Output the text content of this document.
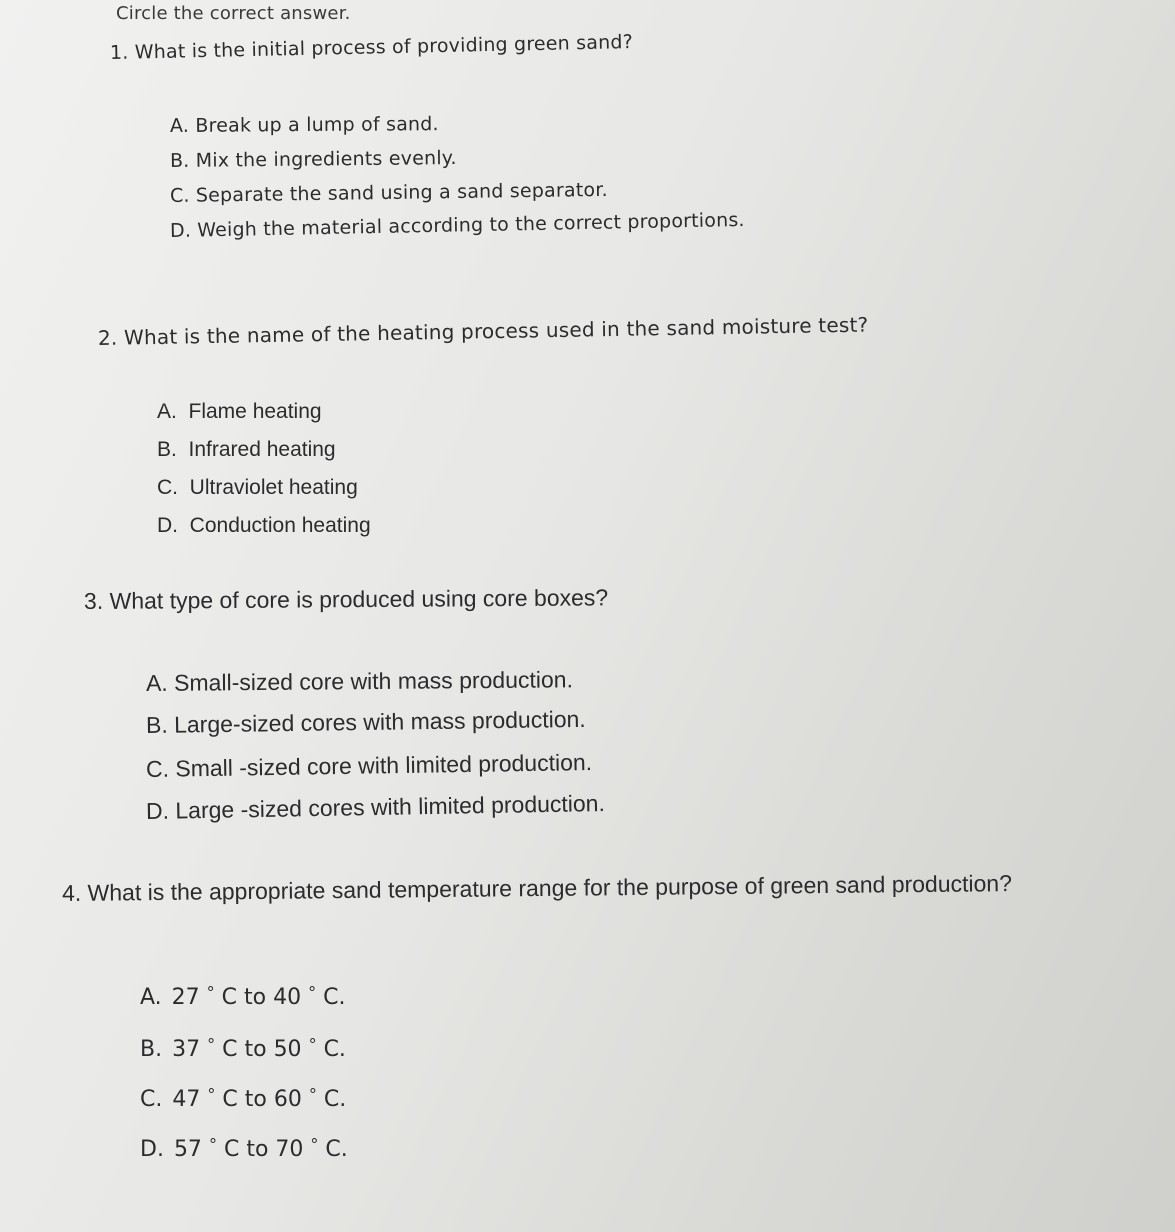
Circle the correct answer.
1. What is the initial process of providing green sand?
A. Break up a lump of sand.
B. Mix the ingredients evenly.
C. Separate the sand using a sand separator.
D. Weigh the material according to the correct proportions.
2. What is the name of the heating process used in the sand moisture test?
A.  Flame heating
B.  Infrared heating
C.  Ultraviolet heating
D.  Conduction heating
3. What type of core is produced using core boxes?
A. Small-sized core with mass production.
B. Large-sized cores with mass production.
C. Small -sized core with limited production.
D. Large -sized cores with limited production.
4. What is the appropriate sand temperature range for the purpose of green sand production?
A. 27 ° C to 40 ° C.
B. 37 ° C to 50 ° C.
C. 47 ° C to 60 ° C.
D. 57 ° C to 70 ° C.
